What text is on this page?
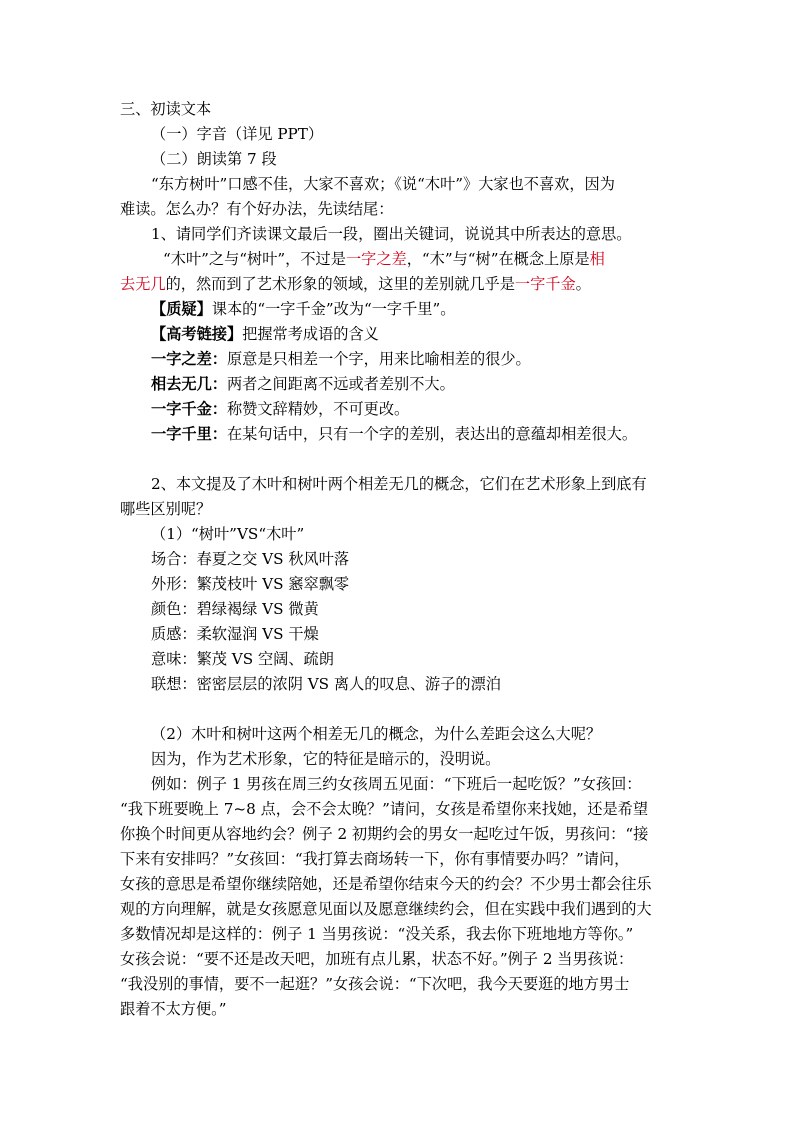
三、初读文本
（一）字音（详见 PPT）
（二）朗读第 7 段
“东方树叶”口感不佳，大家不喜欢；《说“木叶”》大家也不喜欢，因为
难读。怎么办？有个好办法，先读结尾：
1、请同学们齐读课文最后一段，圈出关键词，说说其中所表达的意思。
“木叶”之与“树叶”，不过是一字之差，“木”与“树”在概念上原是相
去无几的，然而到了艺术形象的领域，这里的差别就几乎是一字千金。
【质疑】课本的“一字千金”改为“一字千里”。
【高考链接】把握常考成语的含义
一字之差：原意是只相差一个字，用来比喻相差的很少。
相去无几：两者之间距离不远或者差别不大。
一字千金：称赞文辞精妙，不可更改。
一字千里：在某句话中，只有一个字的差别，表达出的意蕴却相差很大。
2、本文提及了木叶和树叶两个相差无几的概念，它们在艺术形象上到底有
哪些区别呢？
（1）“树叶”VS“木叶”
场合：春夏之交 VS 秋风叶落
外形：繁茂枝叶 VS 窸窣飘零
颜色：碧绿褐绿 VS 微黄
质感：柔软湿润 VS 干燥
意味：繁茂 VS 空阔、疏朗
联想：密密层层的浓阴 VS 离人的叹息、游子的漂泊
（2）木叶和树叶这两个相差无几的概念，为什么差距会这么大呢？
因为，作为艺术形象，它的特征是暗示的，没明说。
例如：例子 1 男孩在周三约女孩周五见面：“下班后一起吃饭？”女孩回：
“我下班要晚上 7~8 点，会不会太晚？”请问，女孩是希望你来找她，还是希望
你换个时间更从容地约会？例子 2 初期约会的男女一起吃过午饭，男孩问：“接
下来有安排吗？”女孩回：“我打算去商场转一下，你有事情要办吗？”请问，
女孩的意思是希望你继续陪她，还是希望你结束今天的约会？不少男士都会往乐
观的方向理解，就是女孩愿意见面以及愿意继续约会，但在实践中我们遇到的大
多数情况却是这样的：例子 1 当男孩说：“没关系，我去你下班地地方等你。”
女孩会说：“要不还是改天吧，加班有点儿累，状态不好。”例子 2 当男孩说：
“我没别的事情，要不一起逛？”女孩会说：“下次吧，我今天要逛的地方男士
跟着不太方便。”
